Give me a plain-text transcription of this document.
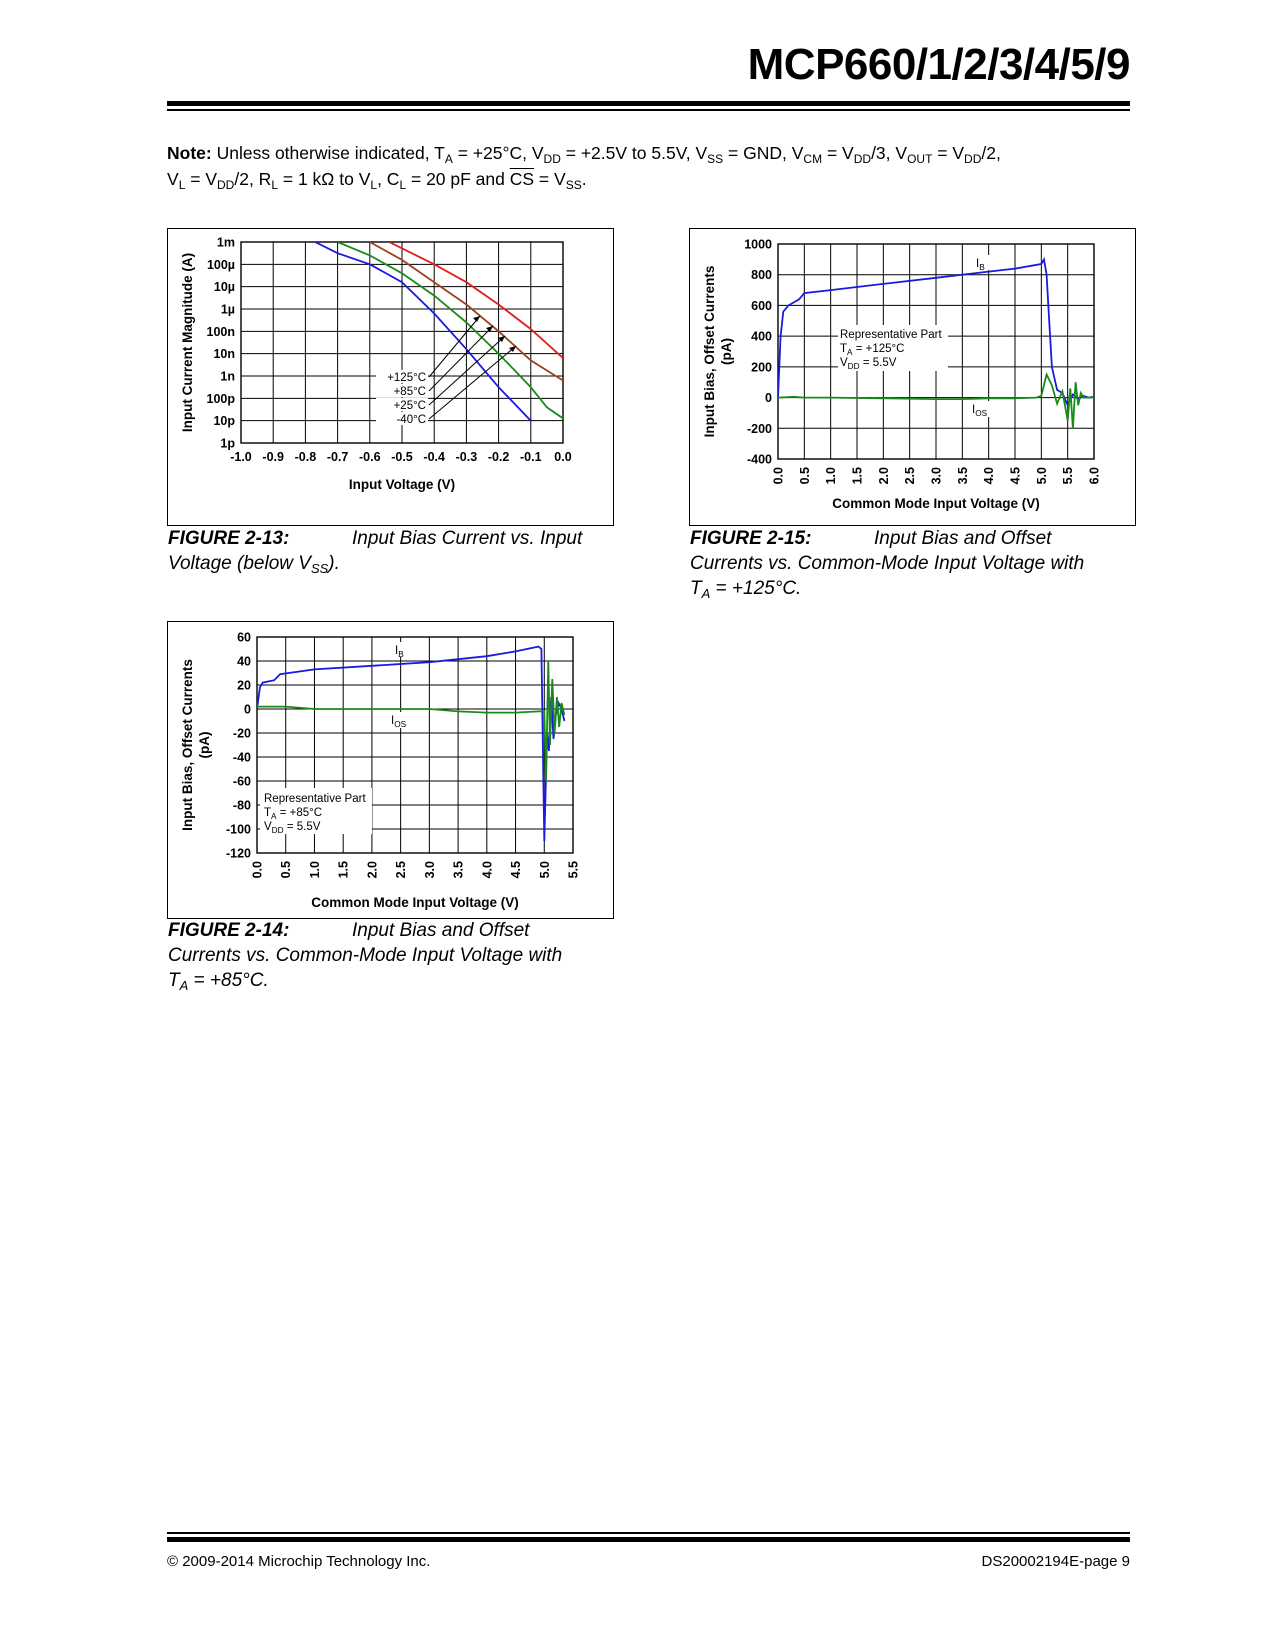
MCP660/1/2/3/4/5/9
Note: Unless otherwise indicated, $T_A = +25^\circ C$, $V_{DD} = +2.5V$ to 5.5V, $V_{SS}$ = GND, $V_{CM} = V_{DD}/3$, $V_{OUT} = V_{DD}/2$,
$V_L = V_{DD}/2$, $R_L = 1$ kΩ to $V_L$, $C_L = 20$ pF and $\overline{CS} = V_{SS}$.
1p
10p
100p
1n
10n
100n
1µ
10µ
100µ
1m
-1.0 -0.9 -0.8 -0.7 -0.6 -0.5 -0.4 -0.3 -0.2 -0.1 0.0
Input Voltage (V)
Input Current Magnitude (A)	+125°C
+85°C
+25°C
-40°C
FIGURE 2-13:	Input Bias Current vs. Input
Voltage (below $V_{SS}$).
-400
-200
0
200
400
600
800
1000
0.0 0.5 1.0 1.5 2.0 2.5 3.0 3.5 4.0 4.5 5.0 5.5 6.0
Common Mode Input Voltage (V)
Input Bias, Offset Currents (pA)
Representative Part
$T_A = +125^\circ C$
$V_{DD} = 5.5V$
$I_B$
$I_{OS}$
FIGURE 2-15:	Input Bias and Offset
Currents vs. Common-Mode Input Voltage with
$T_A = +125^\circ C$.
-120
-100
-80
-60
-40
-20
0
20
40
60
0.0 0.5 1.0 1.5 2.0 2.5 3.0 3.5 4.0 4.5 5.0 5.5
Common Mode Input Voltage (V)
Input Bias, Offset Currents (pA)
Representative Part
$T_A = +85^\circ C$
$V_{DD} = 5.5V$
$I_B$
$I_{OS}$
FIGURE 2-14:	Input Bias and Offset
Currents vs. Common-Mode Input Voltage with
$T_A = +85^\circ C$.
© 2009-2014 Microchip Technology Inc.	DS20002194E-page 9
